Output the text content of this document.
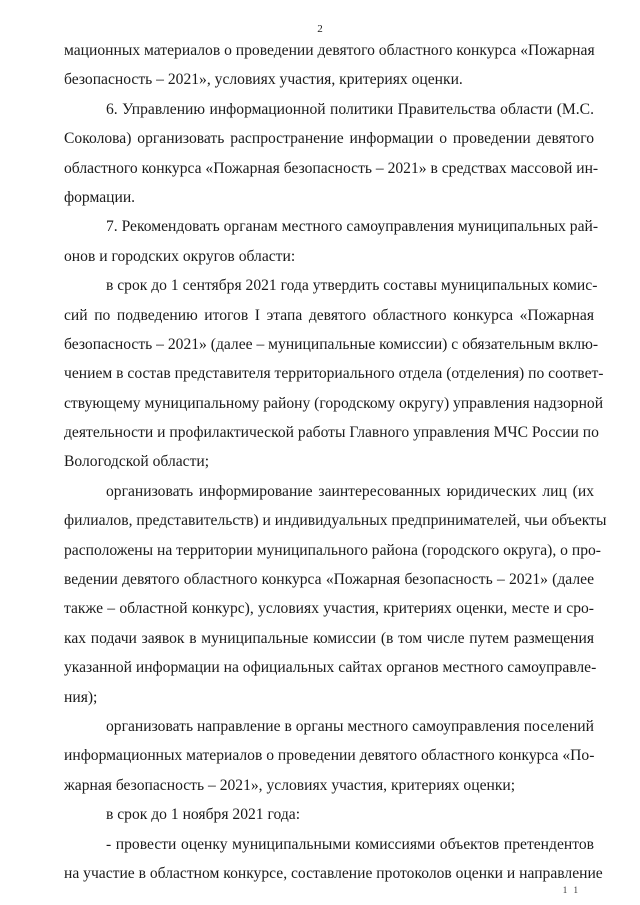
2
мационных материалов о проведении девятого областного конкурса «Пожарная
безопасность – 2021», условиях участия, критериях оценки.
6. Управлению информационной политики Правительства области (М.С.
Соколова) организовать распространение информации о проведении девятого
областного конкурса «Пожарная безопасность – 2021» в средствах массовой ин-
формации.
7. Рекомендовать органам местного самоуправления муниципальных рай-
онов и городских округов области:
в срок до 1 сентября 2021 года утвердить составы муниципальных комис-
сий по подведению итогов I этапа девятого областного конкурса «Пожарная
безопасность – 2021» (далее – муниципальные комиссии) с обязательным вклю-
чением в состав представителя территориального отдела (отделения) по соответ-
ствующему муниципальному району (городскому округу) управления надзорной
деятельности и профилактической работы Главного управления МЧС России по
Вологодской области;
организовать информирование заинтересованных юридических лиц (их
филиалов, представительств) и индивидуальных предпринимателей, чьи объекты
расположены на территории муниципального района (городского округа), о про-
ведении девятого областного конкурса «Пожарная безопасность – 2021» (далее
также – областной конкурс), условиях участия, критериях оценки, месте и сро-
ках подачи заявок в муниципальные комиссии (в том числе путем размещения
указанной информации на официальных сайтах органов местного самоуправле-
ния);
организовать направление в органы местного самоуправления поселений
информационных материалов о проведении девятого областного конкурса «По-
жарная безопасность – 2021», условиях участия, критериях оценки;
в срок до 1 ноября 2021 года:
- провести оценку муниципальными комиссиями объектов претендентов
на участие в областном конкурсе, составление протоколов оценки и направление
1 1
